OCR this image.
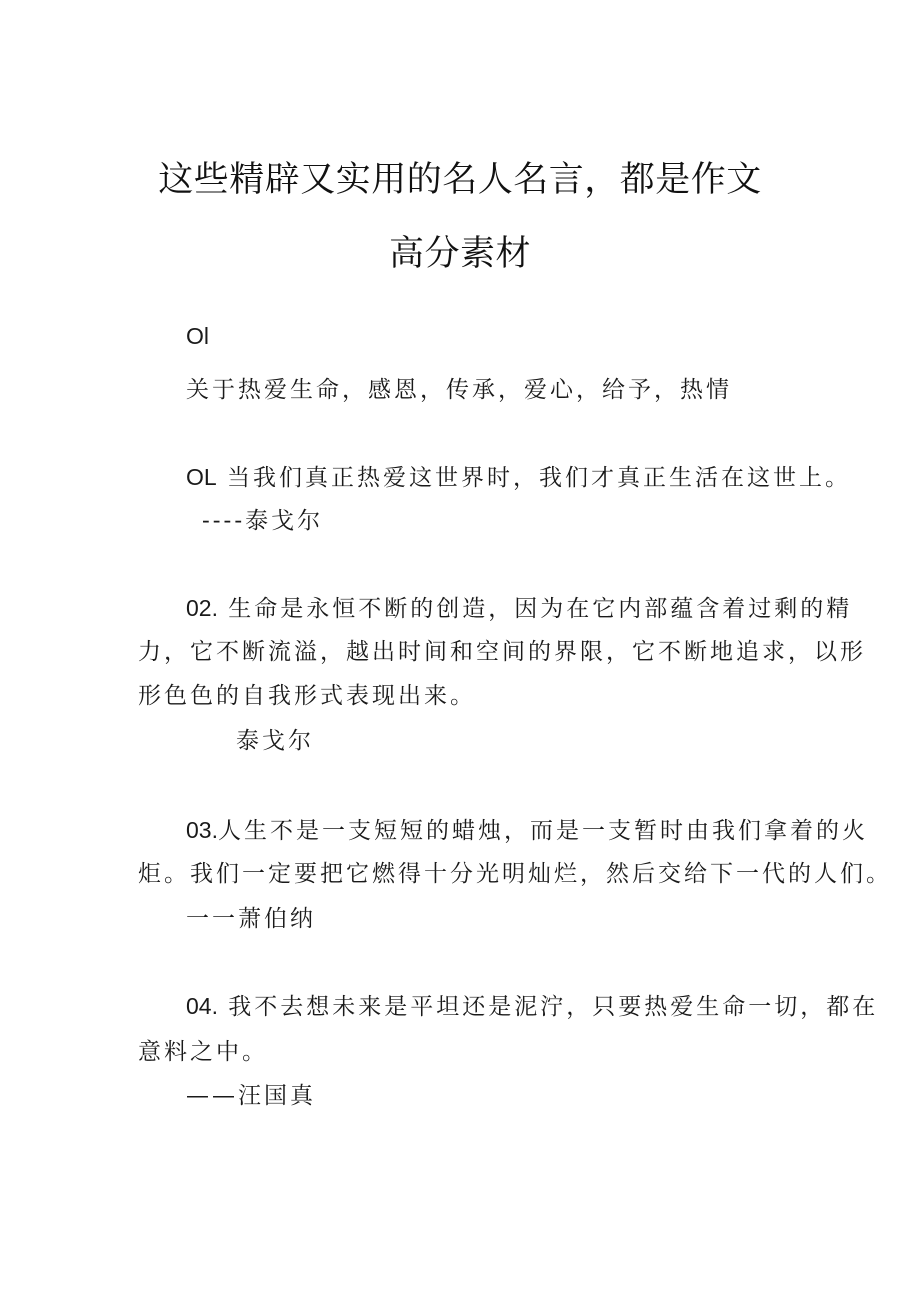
这些精辟又实用的名人名言，都是作文
高分素材
Ol
关于热爱生命，感恩，传承，爱心，给予，热情
OL 当我们真正热爱这世界时，我们才真正生活在这世上。
----泰戈尔
02. 生命是永恒不断的创造，因为在它内部蕴含着过剩的精
力，它不断流溢，越出时间和空间的界限，它不断地追求，以形
形色色的自我形式表现出来。
泰戈尔
03.人生不是一支短短的蜡烛，而是一支暂时由我们拿着的火
炬。我们一定要把它燃得十分光明灿烂，然后交给下一代的人们。
一一萧伯纳
04. 我不去想未来是平坦还是泥泞，只要热爱生命一切，都在
意料之中。
——汪国真
